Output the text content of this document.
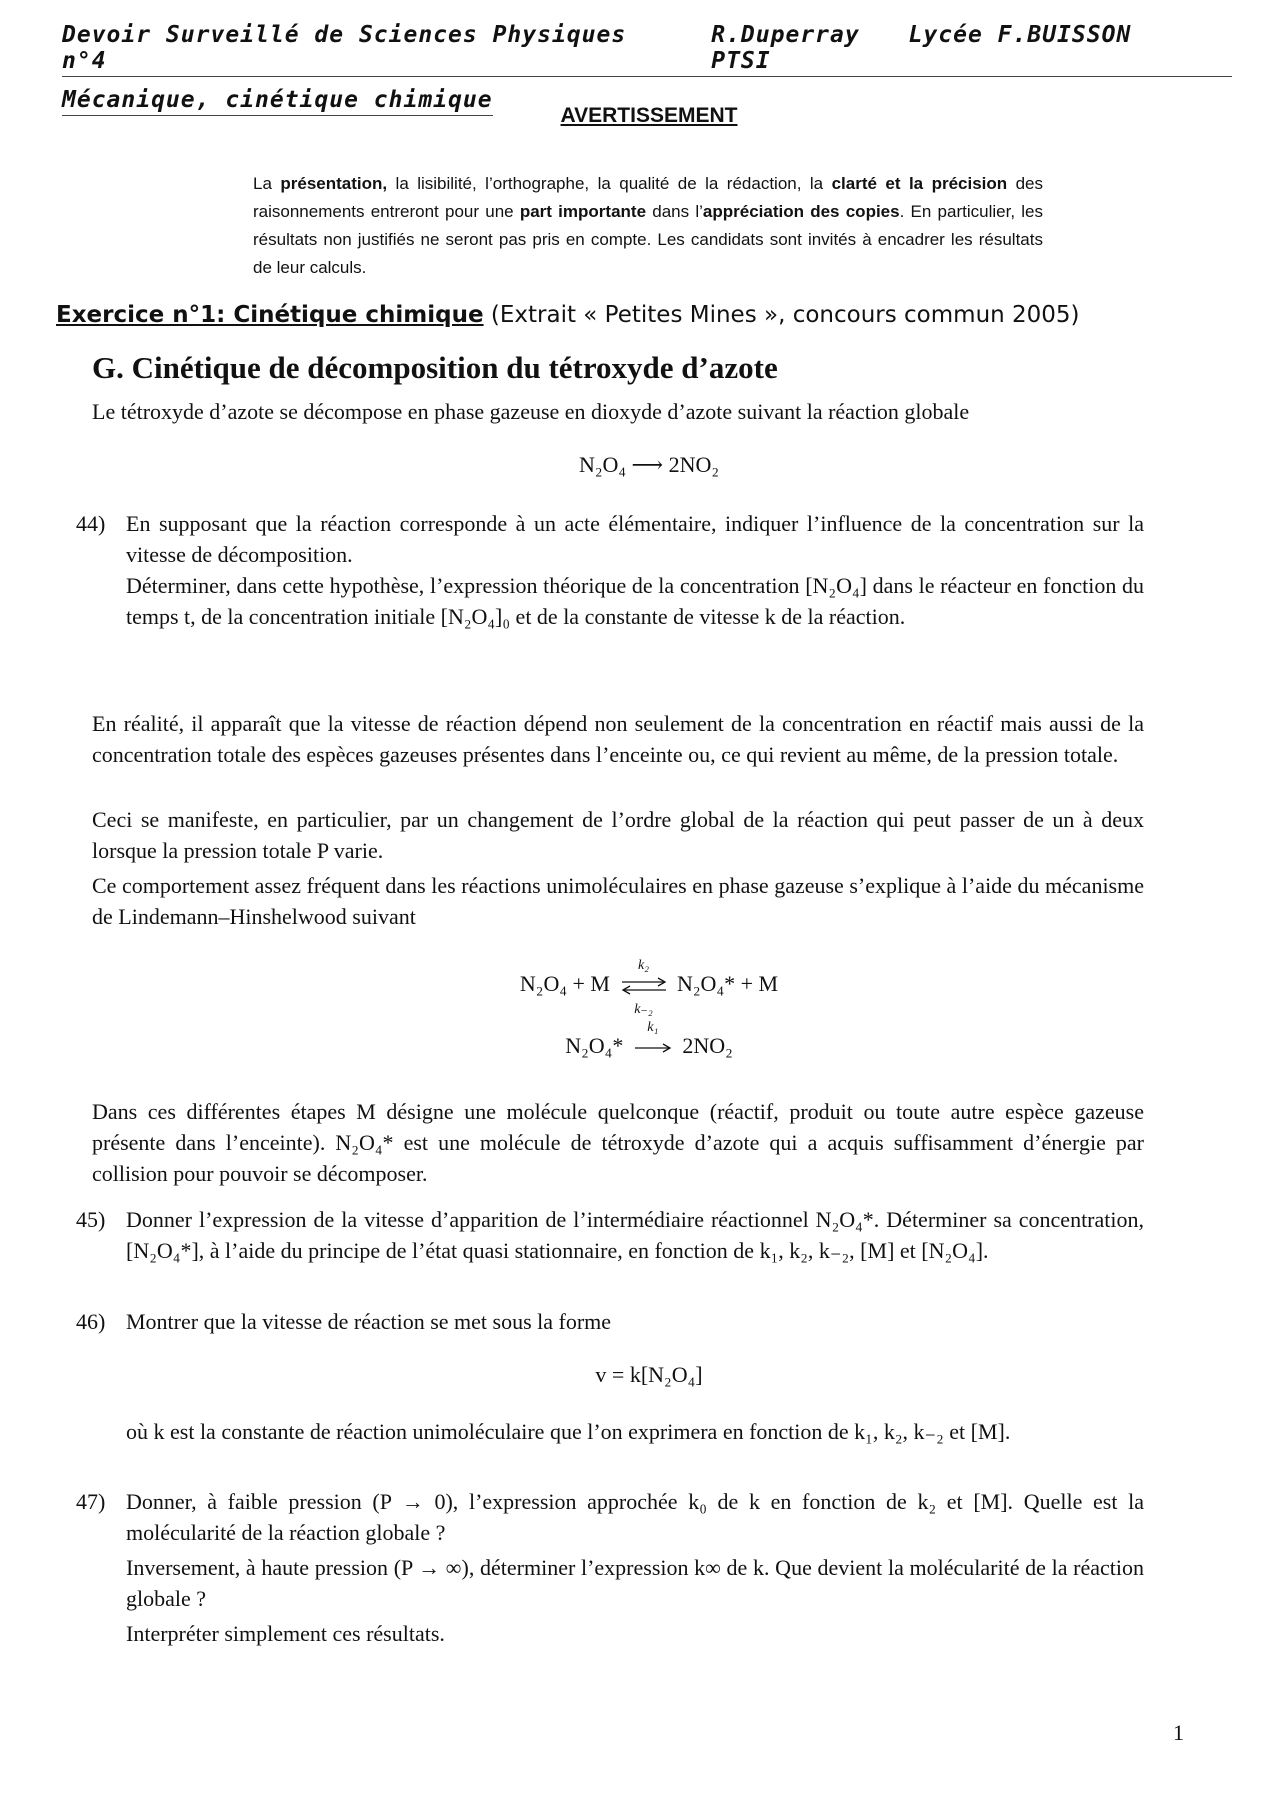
Devoir Surveillé de Sciences Physiques n°4
R.Duperray Lycée F.BUISSON PTSI
Mécanique, cinétique chimique
AVERTISSEMENT
La présentation, la lisibilité, l’orthographe, la qualité de la rédaction, la clarté et la précision des raisonnements entreront pour une part importante dans l’appréciation des copies. En particulier, les résultats non justifiés ne seront pas pris en compte. Les candidats sont invités à encadrer les résultats de leur calculs.
Exercice n°1: Cinétique chimique (Extrait « Petites Mines », concours commun 2005)
G. Cinétique de décomposition du tétroxyde d’azote
Le tétroxyde d’azote se décompose en phase gazeuse en dioxyde d’azote suivant la réaction globale
N₂O₄ ⟶ 2NO₂
44) En supposant que la réaction corresponde à un acte élémentaire, indiquer l’influence de la concentration sur la vitesse de décomposition.

Déterminer, dans cette hypothèse, l’expression théorique de la concentration [N₂O₄] dans le réacteur en fonction du temps t, de la concentration initiale [N₂O₄]₀ et de la constante de vitesse k de la réaction.

En réalité, il apparaît que la vitesse de réaction dépend non seulement de la concentration en réactif mais aussi de la concentration totale des espèces gazeuses présentes dans l’enceinte ou, ce qui revient au même, de la pression totale.
Ceci se manifeste, en particulier, par un changement de l’ordre global de la réaction qui peut passer de un à deux lorsque la pression totale P varie.
Ce comportement assez fréquent dans les réactions unimoléculaires en phase gazeuse s’explique à l’aide du mécanisme de Lindemann–Hinshelwood suivant
N₂O₄ + M
k₂
k₋₂
N₂O₄* + M
N₂O₄*
k₁
2NO₂
Dans ces différentes étapes M désigne une molécule quelconque (réactif, produit ou toute autre espèce gazeuse présente dans l’enceinte). N₂O₄* est une molécule de tétroxyde d’azote qui a acquis suffisamment d’énergie par collision pour pouvoir se décomposer.
45) Donner l’expression de la vitesse d’apparition de l’intermédiaire réactionnel N₂O₄*. Déterminer sa concentration, [N₂O₄*], à l’aide du principe de l’état quasi stationnaire, en fonction de k₁, k₂, k₋₂, [M] et [N₂O₄].

46) Montrer que la vitesse de réaction se met sous la forme

v = k[N₂O₄]

où k est la constante de réaction unimoléculaire que l’on exprimera en fonction de k₁, k₂, k₋₂ et [M].

47) Donner, à faible pression (P → 0), l’expression approchée k₀ de k en fonction de k₂ et [M]. Quelle est la molécularité de la réaction globale ?

Inversement, à haute pression (P → ∞), déterminer l’expression k∞ de k. Que devient la molécularité de la réaction globale ?

Interpréter simplement ces résultats.

1
